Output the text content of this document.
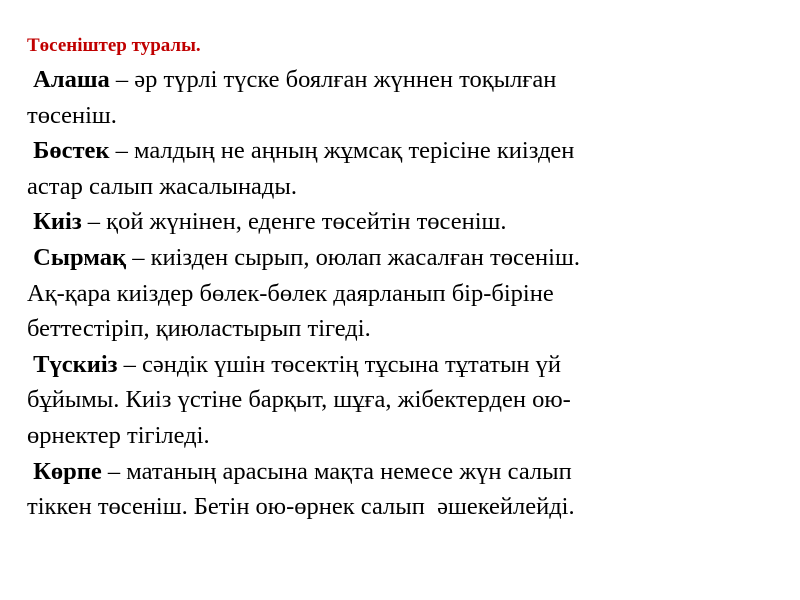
Төсеніштер туралы.
Алаша – әр түрлі түске боялған жүннен тоқылған
төсеніш.
Бөстек – малдың не аңның жұмсақ терісіне киізден
астар салып жасалынады.
Киіз – қой жүнінен, еденге төсейтін төсеніш.
Сырмақ – киізден сырып, оюлап жасалған төсеніш.
Ақ-қара киіздер бөлек-бөлек даярланып бір-біріне
беттестіріп, қиюластырып тігеді.
Түскиіз – сәндік үшін төсектің тұсына тұтатын үй
бұйымы. Киіз үстіне барқыт, шұға, жібектерден ою-
өрнектер тігіледі.
Көрпе – матаның арасына мақта немесе жүн салып
тіккен төсеніш. Бетін ою-өрнек салып  әшекейлейді.
